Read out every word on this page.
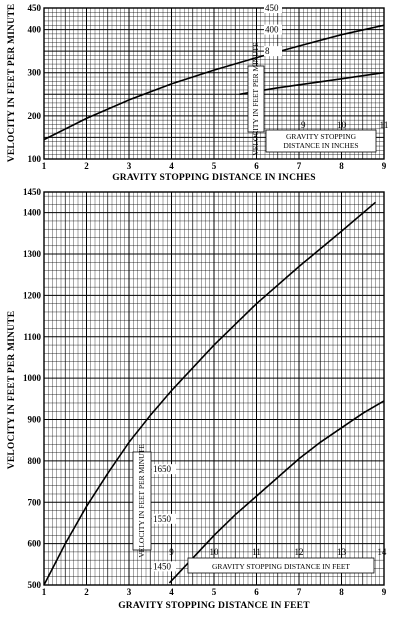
100
200
300
400
450
1	2	3	4	5	6	7	8	9
VELOCITY IN FEET PER MINUTE
450
400
8
9	10	11
GRAVITY STOPPING
DISTANCE IN INCHES
VELOCITY IN FEET PER MINUTE
GRAVITY STOPPING DISTANCE IN INCHES
500
600
700
800
900
1000
1100
1200
1300
1400
1450
1	2	3	4	5	6	7	8	9
VELOCITY IN FEET PER MINUTE 1650
1550
1450
9	10	11	12	13	14
GRAVITY STOPPING DISTANCE IN FEET
VELOCITY IN FEET PER MINUTE
GRAVITY STOPPING DISTANCE IN FEET
